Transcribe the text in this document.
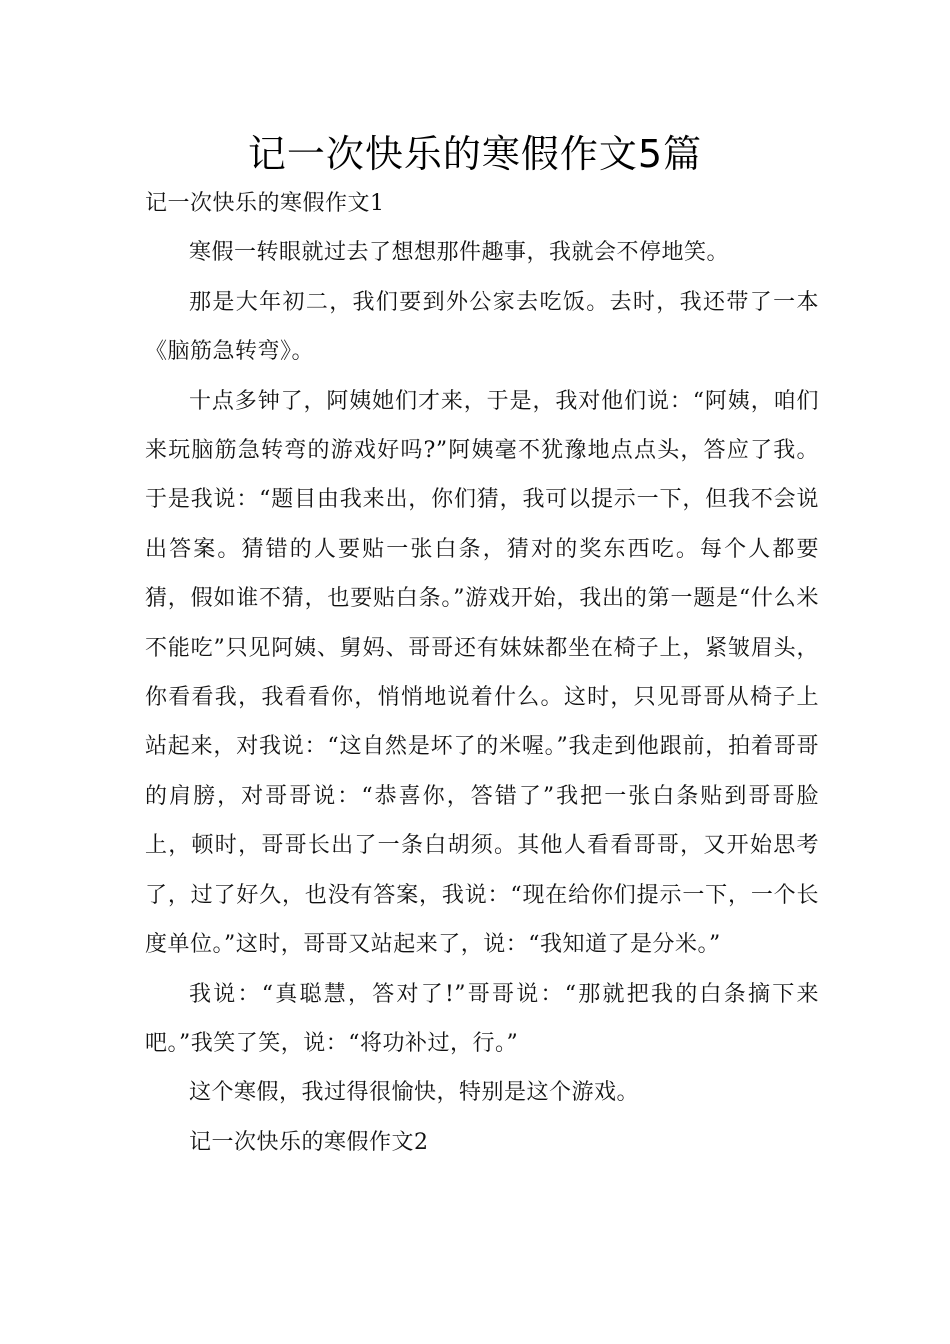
记一次快乐的寒假作文5篇

记一次快乐的寒假作文1

寒假一转眼就过去了想想那件趣事，我就会不停地笑。

那是大年初二，我们要到外公家去吃饭。去时，我还带了一本《脑筋急转弯》。

十点多钟了，阿姨她们才来，于是，我对他们说：“阿姨，咱们来玩脑筋急转弯的游戏好吗?”阿姨毫不犹豫地点点头，答应了我。于是我说：“题目由我来出，你们猜，我可以提示一下，但我不会说出答案。猜错的人要贴一张白条，猜对的奖东西吃。每个人都要猜，假如谁不猜，也要贴白条。”游戏开始，我出的第一题是“什么米不能吃”只见阿姨、舅妈、哥哥还有妹妹都坐在椅子上，紧皱眉头，你看看我，我看看你，悄悄地说着什么。这时，只见哥哥从椅子上站起来，对我说：“这自然是坏了的米喔。”我走到他跟前，拍着哥哥的肩膀，对哥哥说：“恭喜你，答错了”我把一张白条贴到哥哥脸上，顿时，哥哥长出了一条白胡须。其他人看看哥哥，又开始思考了，过了好久，也没有答案，我说：“现在给你们提示一下，一个长度单位。”这时，哥哥又站起来了，说：“我知道了是分米。”

我说：“真聪慧，答对了!”哥哥说：“那就把我的白条摘下来吧。”我笑了笑，说：“将功补过，行。”

这个寒假，我过得很愉快，特别是这个游戏。

记一次快乐的寒假作文2
